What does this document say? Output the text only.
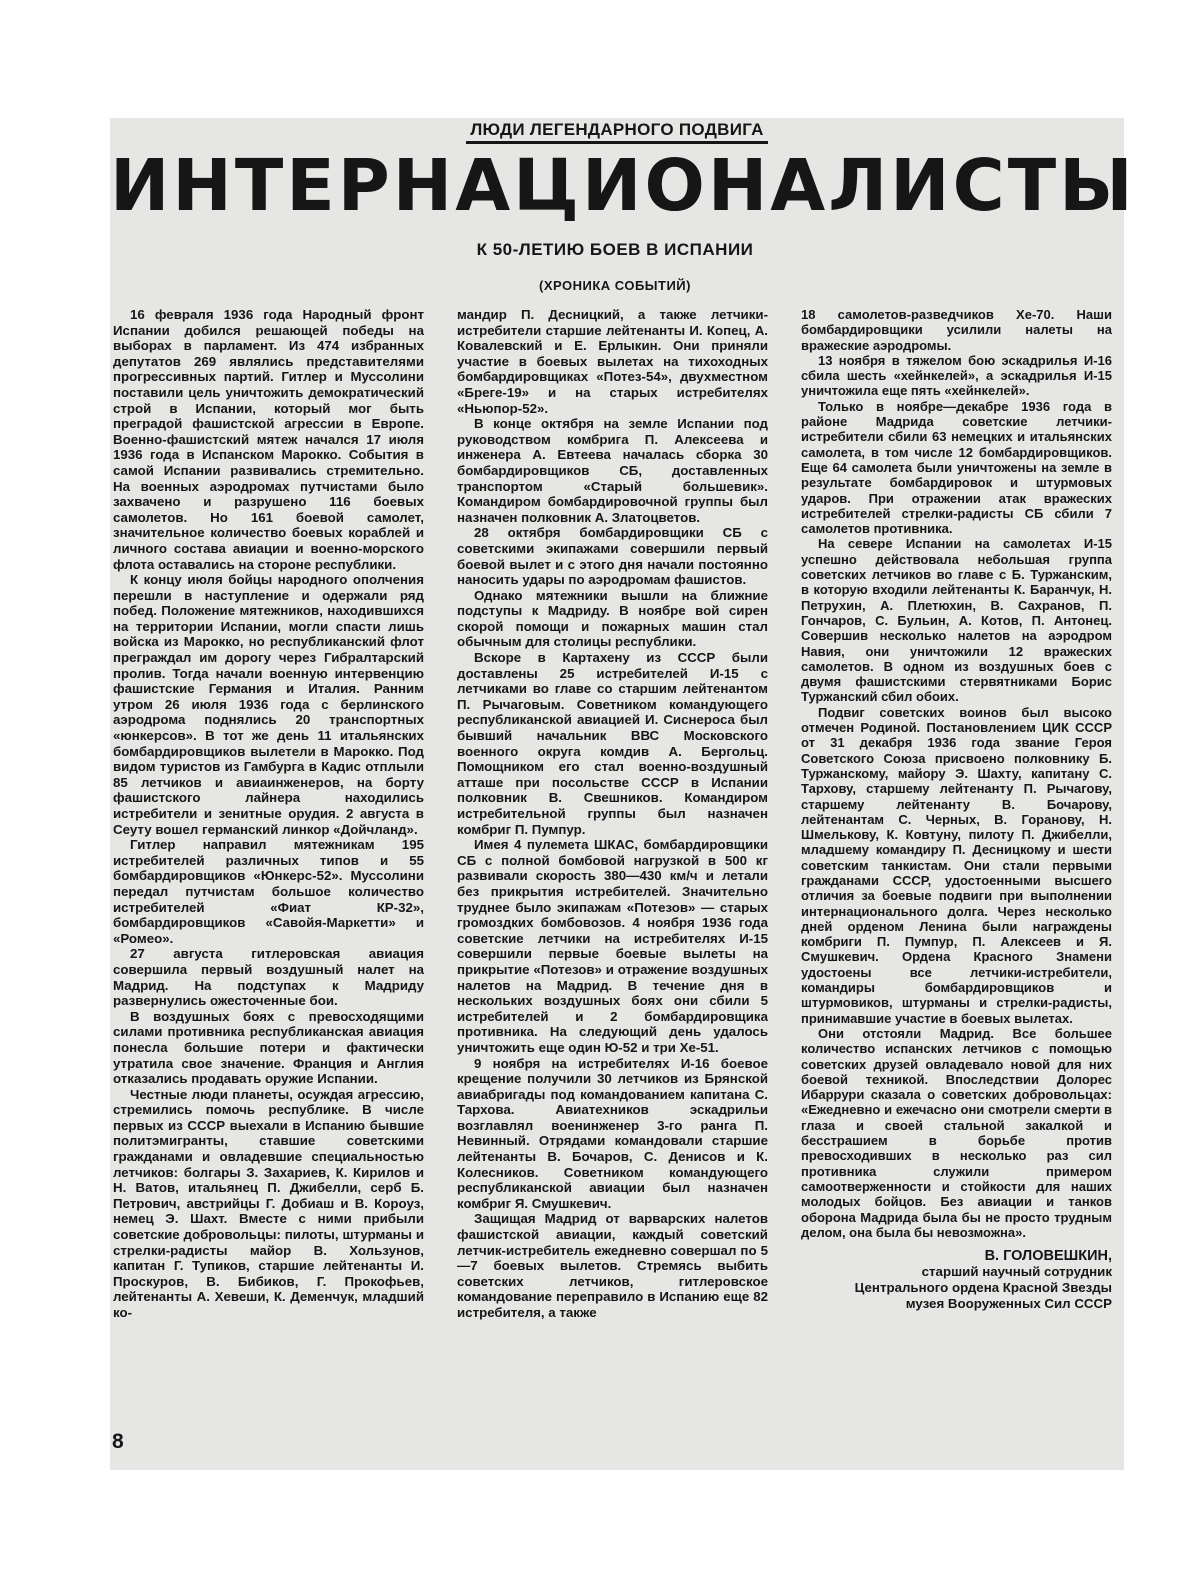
ЛЮДИ ЛЕГЕНДАРНОГО ПОДВИГА
ИНТЕРНАЦИОНАЛИСТЫ
К 50-ЛЕТИЮ БОЕВ В ИСПАНИИ
(ХРОНИКА СОБЫТИЙ)

16 февраля 1936 года Народный фронт Испании добился решающей победы на выборах в парламент. Из 474 избранных депутатов 269 являлись представителями прогрессивных партий. Гитлер и Муссолини поставили цель уничтожить демократический строй в Испании, который мог быть преградой фашистской агрессии в Европе. Военно-фашистский мятеж начался 17 июля 1936 года в Испанском Марокко. События в самой Испании развивались стремительно. На военных аэродромах путчистами было захвачено и разрушено 116 боевых самолетов. Но 161 боевой самолет, значительное количество боевых кораблей и личного состава авиации и военно-морского флота оставались на стороне республики.

К концу июля бойцы народного ополчения перешли в наступление и одержали ряд побед. Положение мятежников, находившихся на территории Испании, могли спасти лишь войска из Марокко, но республиканский флот преграждал им дорогу через Гибралтарский пролив. Тогда начали военную интервенцию фашистские Германия и Италия. Ранним утром 26 июля 1936 года с берлинского аэродрома поднялись 20 транспортных «юнкерсов». В тот же день 11 итальянских бомбардировщиков вылетели в Марокко. Под видом туристов из Гамбурга в Кадис отплыли 85 летчиков и авиаинженеров, на борту фашистского лайнера находились истребители и зенитные орудия. 2 августа в Сеуту вошел германский линкор «Дойчланд».

Гитлер направил мятежникам 195 истребителей различных типов и 55 бомбардировщиков «Юнкерс-52». Муссолини передал путчистам большое количество истребителей «Фиат КР-32», бомбардировщиков «Савойя-Маркетти» и «Ромео».

27 августа гитлеровская авиация совершила первый воздушный налет на Мадрид. На подступах к Мадриду развернулись ожесточенные бои.

В воздушных боях с превосходящими силами противника республиканская авиация понесла большие потери и фактически утратила свое значение. Франция и Англия отказались продавать оружие Испании.

Честные люди планеты, осуждая агрессию, стремились помочь республике. В числе первых из СССР выехали в Испанию бывшие политэмигранты, ставшие советскими гражданами и овладевшие специальностью летчиков: болгары З. Захариев, К. Кирилов и Н. Ватов, итальянец П. Джибелли, серб Б. Петрович, австрийцы Г. Добиаш и В. Короуз, немец Э. Шахт. Вместе с ними прибыли советские добровольцы: пилоты, штурманы и стрелки-радисты майор В. Хользунов, капитан Г. Тупиков, старшие лейтенанты И. Проскуров, В. Бибиков, Г. Прокофьев, лейтенанты А. Хевеши, К. Деменчук, младший ко-

мандир П. Десницкий, а также летчики-истребители старшие лейтенанты И. Копец, А. Ковалевский и Е. Ерлыкин. Они приняли участие в боевых вылетах на тихоходных бомбардировщиках «Потез-54», двухместном «Бреге-19» и на старых истребителях «Ньюпор-52».

В конце октября на земле Испании под руководством комбрига П. Алексеева и инженера А. Евтеева началась сборка 30 бомбардировщиков СБ, доставленных транспортом «Старый большевик». Командиром бомбардировочной группы был назначен полковник А. Златоцветов.

28 октября бомбардировщики СБ с советскими экипажами совершили первый боевой вылет и с этого дня начали постоянно наносить удары по аэродромам фашистов.

Однако мятежники вышли на ближние подступы к Мадриду. В ноябре вой сирен скорой помощи и пожарных машин стал обычным для столицы республики.

Вскоре в Картахену из СССР были доставлены 25 истребителей И-15 с летчиками во главе со старшим лейтенантом П. Рычаговым. Советником командующего республиканской авиацией И. Сиснероса был бывший начальник ВВС Московского военного округа комдив А. Бергольц. Помощником его стал военно-воздушный атташе при посольстве СССР в Испании полковник В. Свешников. Командиром истребительной группы был назначен комбриг П. Пумпур.

Имея 4 пулемета ШКАС, бомбардировщики СБ с полной бомбовой нагрузкой в 500 кг развивали скорость 380—430 км/ч и летали без прикрытия истребителей. Значительно труднее было экипажам «Потезов» — старых громоздких бомбовозов. 4 ноября 1936 года советские летчики на истребителях И-15 совершили первые боевые вылеты на прикрытие «Потезов» и отражение воздушных налетов на Мадрид. В течение дня в нескольких воздушных боях они сбили 5 истребителей и 2 бомбардировщика противника. На следующий день удалось уничтожить еще один Ю-52 и три Хе-51.

9 ноября на истребителях И-16 боевое крещение получили 30 летчиков из Брянской авиабригады под командованием капитана С. Тархова. Авиатехников эскадрильи возглавлял военинженер 3-го ранга П. Невинный. Отрядами командовали старшие лейтенанты В. Бочаров, С. Денисов и К. Колесников. Советником командующего республиканской авиации был назначен комбриг Я. Смушкевич.

Защищая Мадрид от варварских налетов фашистской авиации, каждый советский летчик-истребитель ежедневно совершал по 5—7 боевых вылетов. Стремясь выбить советских летчиков, гитлеровское командование переправило в Испанию еще 82 истребителя, а также

18 самолетов-разведчиков Хе-70. Наши бомбардировщики усилили налеты на вражеские аэродромы.

13 ноября в тяжелом бою эскадрилья И-16 сбила шесть «хейнкелей», а эскадрилья И-15 уничтожила еще пять «хейнкелей».

Только в ноябре—декабре 1936 года в районе Мадрида советские летчики-истребители сбили 63 немецких и итальянских самолета, в том числе 12 бомбардировщиков. Еще 64 самолета были уничтожены на земле в результате бомбардировок и штурмовых ударов. При отражении атак вражеских истребителей стрелки-радисты СБ сбили 7 самолетов противника.

На севере Испании на самолетах И-15 успешно действовала небольшая группа советских летчиков во главе с Б. Туржанским, в которую входили лейтенанты К. Баранчук, Н. Петрухин, А. Плетюхин, В. Сахранов, П. Гончаров, С. Бульин, А. Котов, П. Антонец. Совершив несколько налетов на аэродром Навия, они уничтожили 12 вражеских самолетов. В одном из воздушных боев с двумя фашистскими стервятниками Борис Туржанский сбил обоих.

Подвиг советских воинов был высоко отмечен Родиной. Постановлением ЦИК СССР от 31 декабря 1936 года звание Героя Советского Союза присвоено полковнику Б. Туржанскому, майору Э. Шахту, капитану С. Тархову, старшему лейтенанту П. Рычагову, старшему лейтенанту В. Бочарову, лейтенантам С. Черных, В. Горанову, Н. Шмелькову, К. Ковтуну, пилоту П. Джибелли, младшему командиру П. Десницкому и шести советским танкистам. Они стали первыми гражданами СССР, удостоенными высшего отличия за боевые подвиги при выполнении интернационального долга. Через несколько дней орденом Ленина были награждены комбриги П. Пумпур, П. Алексеев и Я. Смушкевич. Ордена Красного Знамени удостоены все летчики-истребители, командиры бомбардировщиков и штурмовиков, штурманы и стрелки-радисты, принимавшие участие в боевых вылетах.

Они отстояли Мадрид. Все большее количество испанских летчиков с помощью советских друзей овладевало новой для них боевой техникой. Впоследствии Долорес Ибаррури сказала о советских добровольцах: «Ежедневно и ежечасно они смотрели смерти в глаза и своей стальной закалкой и бесстрашием в борьбе против превосходивших в несколько раз сил противника служили примером самоотверженности и стойкости для наших молодых бойцов. Без авиации и танков оборона Мадрида была бы не просто трудным делом, она была бы невозможна».

В. ГОЛОВЕШКИН,
старший научный сотрудник
Центрального ордена Красной Звезды
музея Вооруженных Сил СССР
8
